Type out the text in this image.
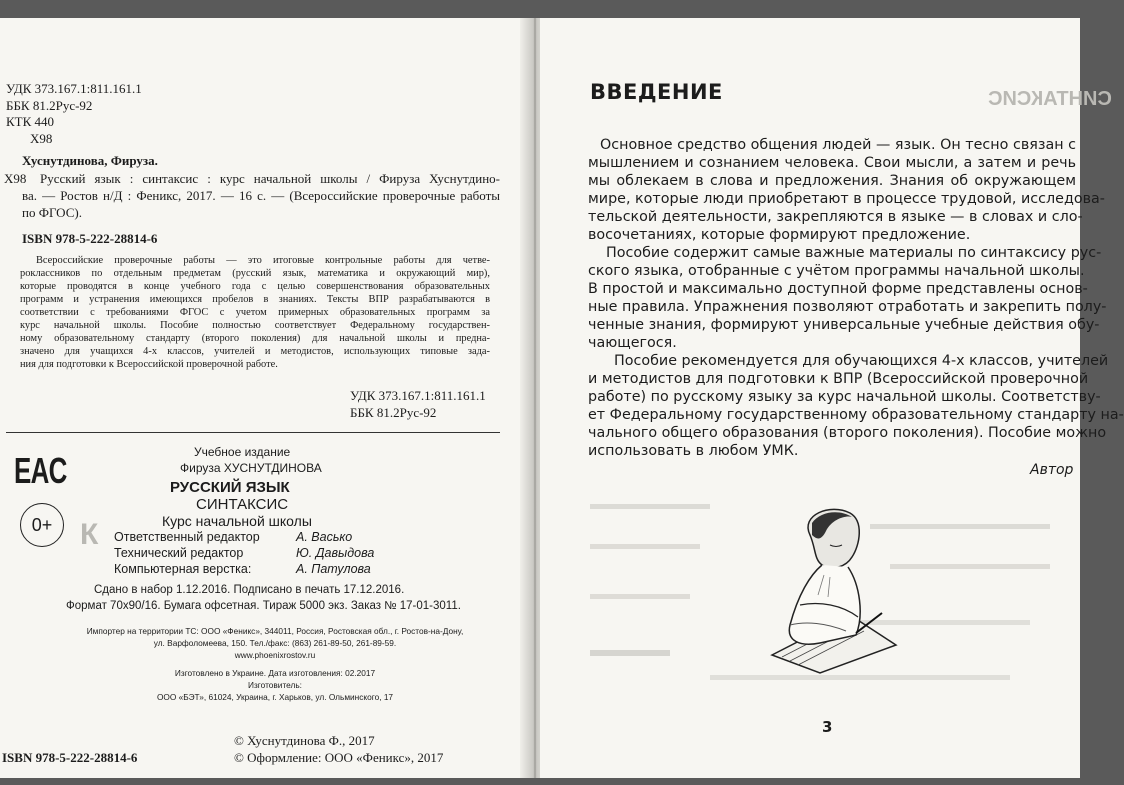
УДК 373.167.1:811.161.1
ББК 81.2Рус-92
КТК 440
Х98
Хуснутдинова, Фируза.
Х98 Русский язык : синтаксис : курс начальной школы / Фируза Хуснутдино-
ва. — Ростов н/Д : Феникс, 2017. — 16 с. — (Всероссийские проверочные работы
по ФГОС).
ISBN 978-5-222-28814-6
Всероссийские проверочные работы — это итоговые контрольные работы для четве-
роклассников по отдельным предметам (русский язык, математика и окружающий мир),
которые проводятся в конце учебного года с целью совершенствования образовательных
программ и устранения имеющихся пробелов в знаниях. Тексты ВПР разрабатываются в
соответствии с требованиями ФГОС с учетом примерных образовательных программ за
курс начальной школы. Пособие полностью соответствует Федеральному государствен-
ному образовательному стандарту (второго поколения) для начальной школы и предна-
значено для учащихся 4-х классов, учителей и методистов, использующих типовые зада-
ния для подготовки к Всероссийской проверочной работе.
УДК 373.167.1:811.161.1
ББК 81.2Рус-92
К
EAC
0+
Учебное издание
Фируза ХУСНУТДИНОВА
РУССКИЙ ЯЗЫК
СИНТАКСИС
Курс начальной школы
Ответственный редактор	А. Васько
Технический редактор	Ю. Давыдова
Компьютерная верстка:	А. Патулова
Сдано в набор 1.12.2016. Подписано в печать 17.12.2016.
Формат 70х90/16. Бумага офсетная. Тираж 5000 экз. Заказ № 17-01-3011.
Импортер на территории ТС: ООО «Феникс», 344011, Россия, Ростовская обл., г. Ростов-на-Дону,
ул. Варфоломеева, 150. Тел./факс: (863) 261-89-50, 261-89-59.
www.phoenixrostov.ru
Изготовлено в Украине. Дата изготовления: 02.2017
Изготовитель:
ООО «БЭТ», 61024, Украина, г. Харьков, ул. Ольминского, 17
© Хуснутдинова Ф., 2017
© Оформление: ООО «Феникс», 2017
ISBN 978-5-222-28814-6
СИНТАКСИС
ВВЕДЕНИЕ
Основное средство общения людей — язык. Он тесно связан с
мышлением и сознанием человека. Свои мысли, а затем и речь
мы облекаем в слова и предложения. Знания об окружающем
мире, которые люди приобретают в процессе трудовой, исследова-
тельской деятельности, закрепляются в языке — в словах и сло-
восочетаниях, которые формируют предложение.
Пособие содержит самые важные материалы по синтаксису рус-
ского языка, отобранные с учётом программы начальной школы.
В простой и максимально доступной форме представлены основ-
ные правила. Упражнения позволяют отработать и закрепить полу-
ченные знания, формируют универсальные учебные действия обу-
чающегося.
Пособие рекомендуется для обучающихся 4-х классов, учителей
и методистов для подготовки к ВПР (Всероссийской проверочной
работе) по русскому языку за курс начальной школы. Соответству-
ет Федеральному государственному образовательному стандарту на-
чального общего образования (второго поколения). Пособие можно
использовать в любом УМК.
Автор
3
